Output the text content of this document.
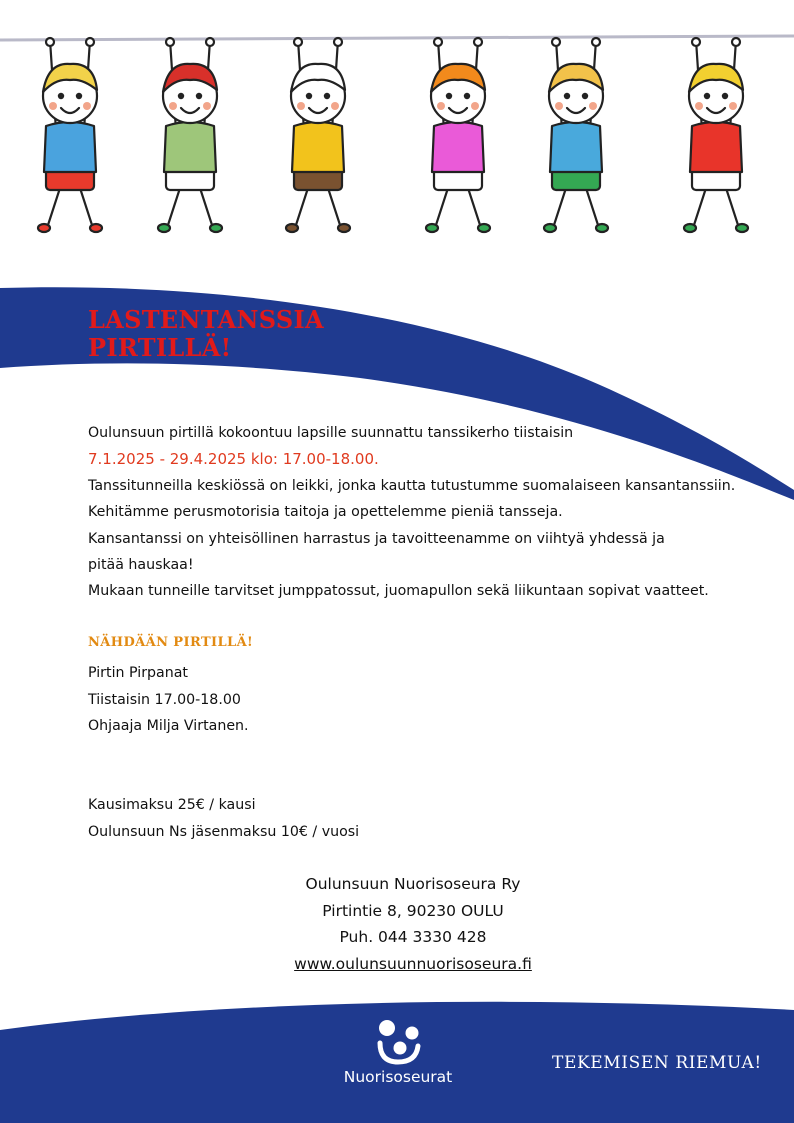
LASTENTANSSIA
PIRTILLÄ!
Oulunsuun pirtillä kokoontuu lapsille suunnattu tanssikerho tiistaisin
7.1.2025 - 29.4.2025 klo: 17.00-18.00.
Tanssitunneilla keskiössä on leikki, jonka kautta tutustumme suomalaiseen kansantanssiin.
Kehitämme perusmotorisia taitoja ja opettelemme pieniä tansseja.
Kansantanssi on yhteisöllinen harrastus ja tavoitteenamme on viihtyä yhdessä ja
pitää hauskaa!
Mukaan tunneille tarvitset jumppatossut, juomapullon sekä liikuntaan sopivat vaatteet.
NÄHDÄÄN PIRTILLÄ!
Pirtin Pirpanat
Tiistaisin 17.00-18.00
Ohjaaja Milja Virtanen.
Kausimaksu 25€ / kausi
Oulunsuun Ns jäsenmaksu 10€ / vuosi
Oulunsuun Nuorisoseura Ry
Pirtintie 8, 90230 OULU
Puh. 044 3330 428
www.oulunsuunnuorisoseura.fi
Nuorisoseurat
TEKEMISEN RIEMUA!
